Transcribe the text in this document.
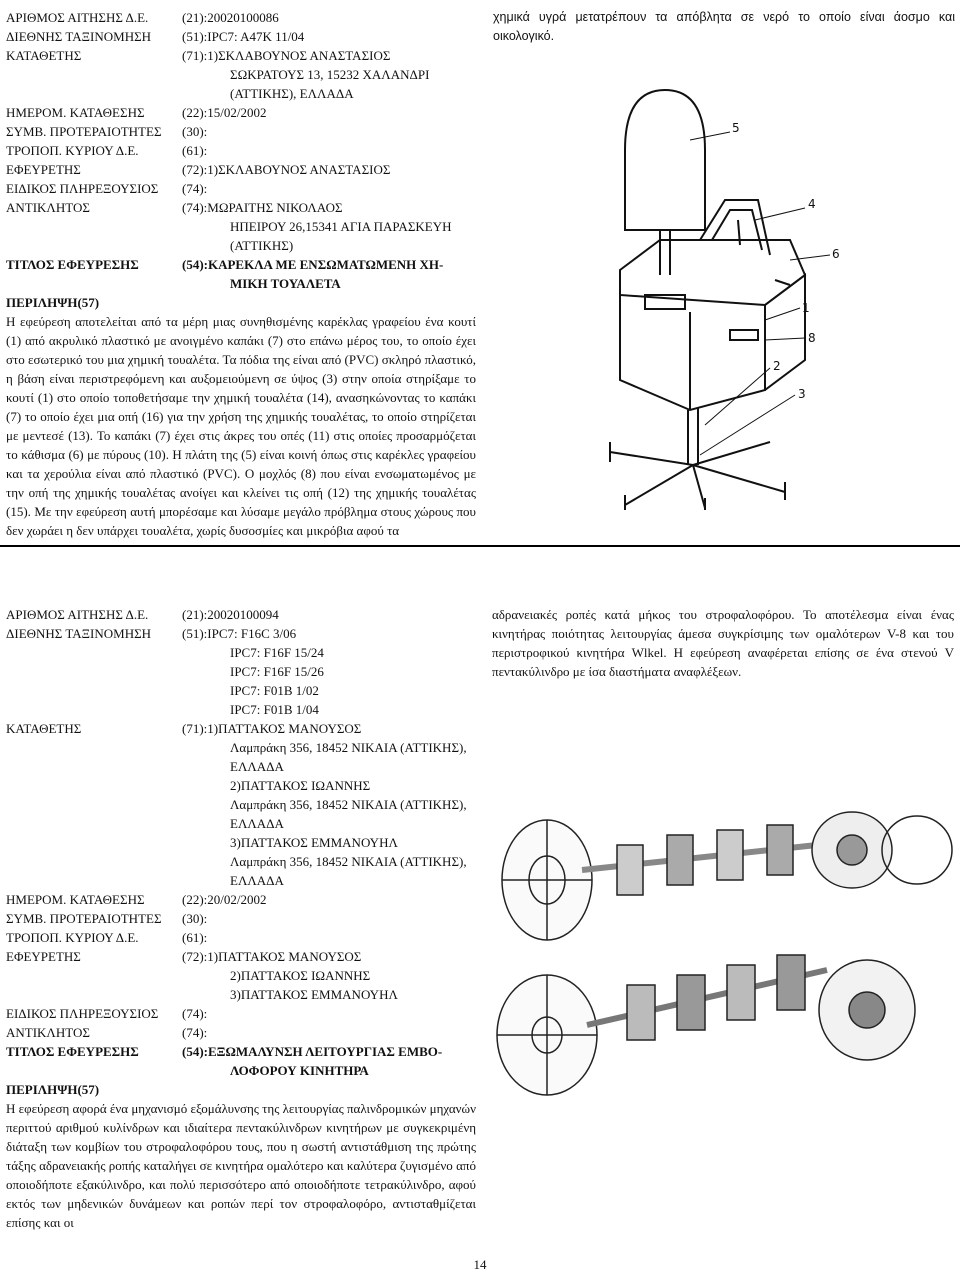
ΑΡΙΘΜΟΣ ΑΙΤΗΣΗΣ Δ.Ε.	(21):20020100086
ΔΙΕΘΝΗΣ ΤΑΞΙΝΟΜΗΣΗ	(51):IPC7: A47K 11/04
ΚΑΤΑΘΕΤΗΣ	(71):1)ΣΚΛΑΒΟΥΝΟΣ ΑΝΑΣΤΑΣΙΟΣ
ΣΩΚΡΑΤΟΥΣ 13, 15232 ΧΑΛΑΝΔΡΙ
(ΑΤΤΙΚΗΣ), ΕΛΛΑΔΑ
ΗΜΕΡΟΜ. ΚΑΤΑΘΕΣΗΣ	(22):15/02/2002
ΣΥΜΒ. ΠΡΟΤΕΡΑΙΟΤΗΤΕΣ	(30):
ΤΡΟΠΟΠ. ΚΥΡΙΟΥ Δ.Ε.	(61):
ΕΦΕΥΡΕΤΗΣ	(72):1)ΣΚΛΑΒΟΥΝΟΣ ΑΝΑΣΤΑΣΙΟΣ
ΕΙΔΙΚΟΣ ΠΛΗΡΕΞΟΥΣΙΟΣ	(74):
ΑΝΤΙΚΛΗΤΟΣ	(74):ΜΩΡΑΙΤΗΣ ΝΙΚΟΛΑΟΣ
ΗΠΕΙΡΟΥ 26,15341 ΑΓΙΑ ΠΑΡΑΣΚΕΥΗ
(ΑΤΤΙΚΗΣ)
ΤΙΤΛΟΣ ΕΦΕΥΡΕΣΗΣ	(54):ΚΑΡΕΚΛΑ ΜΕ ΕΝΣΩΜΑΤΩΜΕΝΗ ΧΗ-
ΜΙΚΗ ΤΟΥΑΛΕΤΑ
ΠΕΡΙΛΗΨΗ(57)
Η εφεύρεση αποτελείται από τα μέρη μιας συνηθισμένης καρέκλας γραφείου ένα κουτί (1) από ακρυλικό πλαστικό με ανοιγμένο καπάκι (7) στο επάνω μέρος του, το οποίο έχει στο εσωτερικό του μια χημική τουαλέτα. Τα πόδια της είναι από (PVC) σκληρό πλαστικό, η βάση είναι περιστρεφόμενη και αυξομειούμενη σε ύψος (3) στην οποία στηρίξαμε το κουτί (1) στο οποίο τοποθετήσαμε την χημική τουαλέτα (14), ανασηκώνοντας το καπάκι (7) το οποίο έχει μια οπή (16) για την χρήση της χημικής τουαλέτας, το οποίο στηρίζεται με μεντεσέ (13). Το καπάκι (7) έχει στις άκρες του οπές (11) στις οποίες προσαρμόζεται το κάθισμα (6) με πύρους (10). Η πλάτη της (5) είναι κοινή όπως στις καρέκλες γραφείου και τα χερούλια είναι από πλαστικό (PVC). Ο μοχλός (8) που είναι ενσωματωμένος με την οπή της χημικής τουαλέτας ανοίγει και κλείνει τις οπή (12) της χημικής τουαλέτας (15). Με την εφεύρεση αυτή μπορέσαμε και λύσαμε μεγάλο πρόβλημα στους χώρους που δεν χωράει η δεν υπάρχει τουαλέτα, χωρίς δυσοσμίες και μικρόβια αφού τα
χημικά υγρά μετατρέπουν τα απόβλητα σε νερό το οποίο είναι άοσμο και οικολογικό.
5
4
6
1
8
2
3
ΑΡΙΘΜΟΣ ΑΙΤΗΣΗΣ Δ.Ε.	(21):20020100094
ΔΙΕΘΝΗΣ ΤΑΞΙΝΟΜΗΣΗ	(51):IPC7: F16C 3/06
IPC7: F16F 15/24
IPC7: F16F 15/26
IPC7: F01B 1/02
IPC7: F01B 1/04
ΚΑΤΑΘΕΤΗΣ	(71):1)ΠΑΤΤΑΚΟΣ ΜΑΝΟΥΣΟΣ
Λαμπράκη 356, 18452 ΝΙΚΑΙΑ (ΑΤΤΙΚΗΣ),
ΕΛΛΑΔΑ
2)ΠΑΤΤΑΚΟΣ ΙΩΑΝΝΗΣ
Λαμπράκη 356, 18452 ΝΙΚΑΙΑ (ΑΤΤΙΚΗΣ),
ΕΛΛΑΔΑ
3)ΠΑΤΤΑΚΟΣ ΕΜΜΑΝΟΥΗΛ
Λαμπράκη 356, 18452 ΝΙΚΑΙΑ (ΑΤΤΙΚΗΣ),
ΕΛΛΑΔΑ
ΗΜΕΡΟΜ. ΚΑΤΑΘΕΣΗΣ	(22):20/02/2002
ΣΥΜΒ. ΠΡΟΤΕΡΑΙΟΤΗΤΕΣ	(30):
ΤΡΟΠΟΠ. ΚΥΡΙΟΥ Δ.Ε.	(61):
ΕΦΕΥΡΕΤΗΣ	(72):1)ΠΑΤΤΑΚΟΣ ΜΑΝΟΥΣΟΣ
2)ΠΑΤΤΑΚΟΣ ΙΩΑΝΝΗΣ
3)ΠΑΤΤΑΚΟΣ ΕΜΜΑΝΟΥΗΛ
ΕΙΔΙΚΟΣ ΠΛΗΡΕΞΟΥΣΙΟΣ	(74):
ΑΝΤΙΚΛΗΤΟΣ	(74):
ΤΙΤΛΟΣ ΕΦΕΥΡΕΣΗΣ	(54):ΕΞΩΜΑΛΥΝΣΗ ΛΕΙΤΟΥΡΓΙΑΣ ΕΜΒΟ-
ΛΟΦΟΡΟΥ ΚΙΝΗΤΗΡΑ
ΠΕΡΙΛΗΨΗ(57)
Η εφεύρεση αφορά ένα μηχανισμό εξομάλυνσης της λειτουργίας παλινδρομικών μηχανών περιττού αριθμού κυλίνδρων και ιδιαίτερα πεντακύλινδρων κινητήρων με συγκεκριμένη διάταξη των κομβίων του στροφαλοφόρου τους, που η σωστή αντιστάθμιση της πρώτης τάξης αδρανειακής ροπής καταλήγει σε κινητήρα ομαλότερο και καλύτερα ζυγισμένο από οποιοδήποτε εξακύλινδρο, και πολύ περισσότερο από οποιοδήποτε τετρακύλινδρο, αφού εκτός των μηδενικών δυνάμεων και ροπών περί τον στροφαλοφόρο, αντισταθμίζεται επίσης και οι
αδρανειακές ροπές κατά μήκος του στροφαλοφόρου. Το αποτέλεσμα είναι ένας κινητήρας ποιότητας λειτουργίας άμεσα συγκρίσιμης των ομαλότερων V-8 και του περιστροφικού κινητήρα Wlkel. Η εφεύρεση αναφέρεται επίσης σε ένα στενού V πεντακύλινδρο με ίσα διαστήματα αναφλέξεων.
14
